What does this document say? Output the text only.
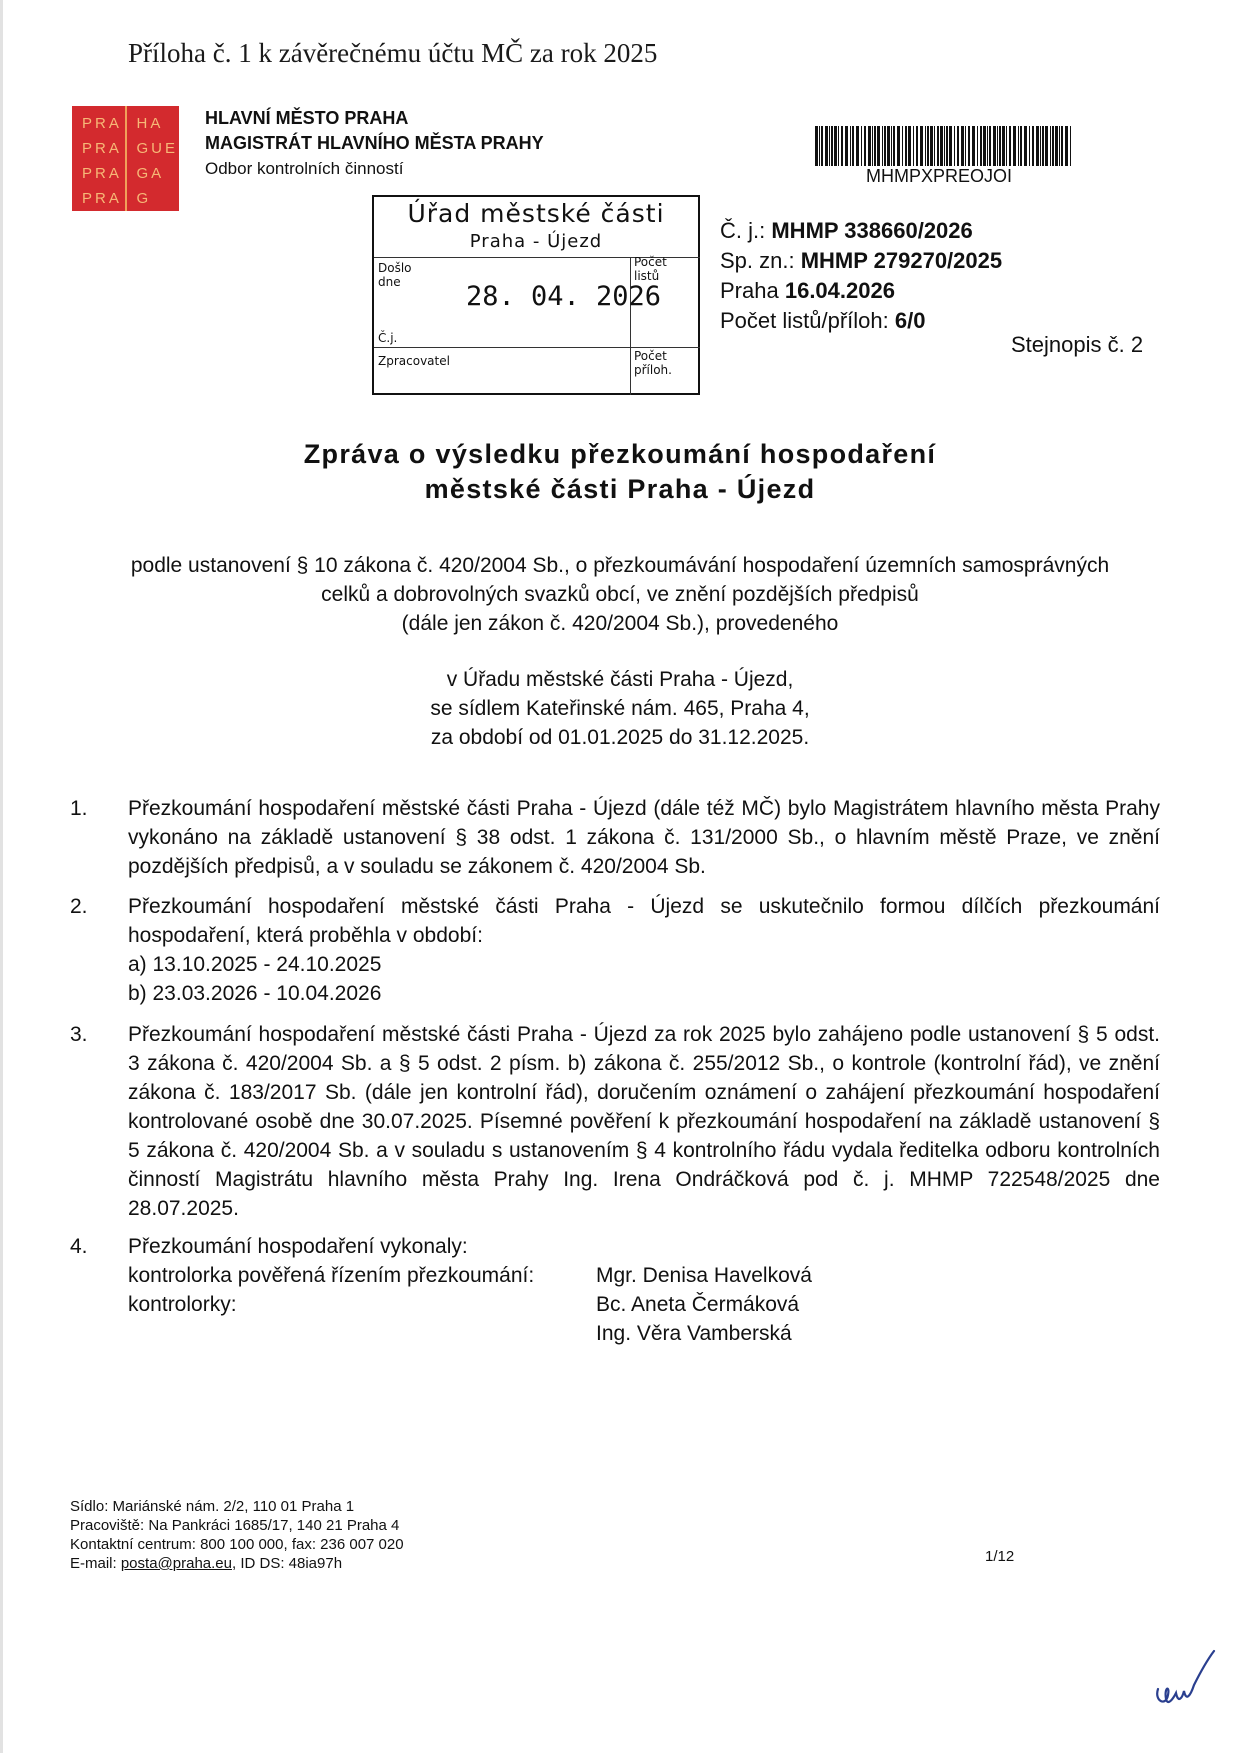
Příloha č. 1 k závěrečnému účtu MČ za rok 2025
PRA
PRA
PRA
PRA
HA
GUE
GA
G
HLAVNÍ MĚSTO PRAHA
MAGISTRÁT HLAVNÍHO MĚSTA PRAHY
Odbor kontrolních činností	MHMPXPREOJOI
Úřad městské části
Praha - Újezd
Došlo dne	28. 04. 2026
Počet listů
Č.j.
Zpracovatel	Počet příloh.
Č. j.: MHMP 338660/2026
Sp. zn.: MHMP 279270/2025
Praha 16.04.2026
Počet listů/příloh: 6/0
Stejnopis č. 2
Zpráva o výsledku přezkoumání hospodaření
městské části Praha - Újezd
podle ustanovení § 10 zákona č. 420/2004 Sb., o přezkoumávání hospodaření územních samosprávných
celků a dobrovolných svazků obcí, ve znění pozdějších předpisů
(dále jen zákon č. 420/2004 Sb.), provedeného
v Úřadu městské části Praha - Újezd,
se sídlem Kateřinské nám. 465, Praha 4,
za období od 01.01.2025 do 31.12.2025.
1. Přezkoumání hospodaření městské části Praha - Újezd (dále též MČ) bylo Magistrátem hlavního města Prahy vykonáno na základě ustanovení § 38 odst. 1 zákona č. 131/2000 Sb., o hlavním městě Praze, ve znění pozdějších předpisů, a v souladu se zákonem č. 420/2004 Sb.
2. Přezkoumání hospodaření městské části Praha - Újezd se uskutečnilo formou dílčích přezkoumání hospodaření, která proběhla v období:
a) 13.10.2025 - 24.10.2025
b) 23.03.2026 - 10.04.2026
3. Přezkoumání hospodaření městské části Praha - Újezd za rok 2025 bylo zahájeno podle ustanovení § 5 odst. 3 zákona č. 420/2004 Sb. a § 5 odst. 2 písm. b) zákona č. 255/2012 Sb., o kontrole (kontrolní řád), ve znění zákona č. 183/2017 Sb. (dále jen kontrolní řád), doručením oznámení o zahájení přezkoumání hospodaření kontrolované osobě dne 30.07.2025. Písemné pověření k přezkoumání hospodaření na základě ustanovení § 5 zákona č. 420/2004 Sb. a v souladu s ustanovením § 4 kontrolního řádu vydala ředitelka odboru kontrolních činností Magistrátu hlavního města Prahy Ing. Irena Ondráčková pod č. j. MHMP 722548/2025 dne 28.07.2025.
4. Přezkoumání hospodaření vykonaly:
kontrolorka pověřená řízením přezkoumání:	Mgr. Denisa Havelková
kontrolorky:	Bc. Aneta Čermáková
Ing. Věra Vamberská
Sídlo: Mariánské nám. 2/2, 110 01 Praha 1
Pracoviště: Na Pankráci 1685/17, 140 21 Praha 4
Kontaktní centrum: 800 100 000, fax: 236 007 020
E-mail: posta@praha.eu, ID DS: 48ia97h	1/12
